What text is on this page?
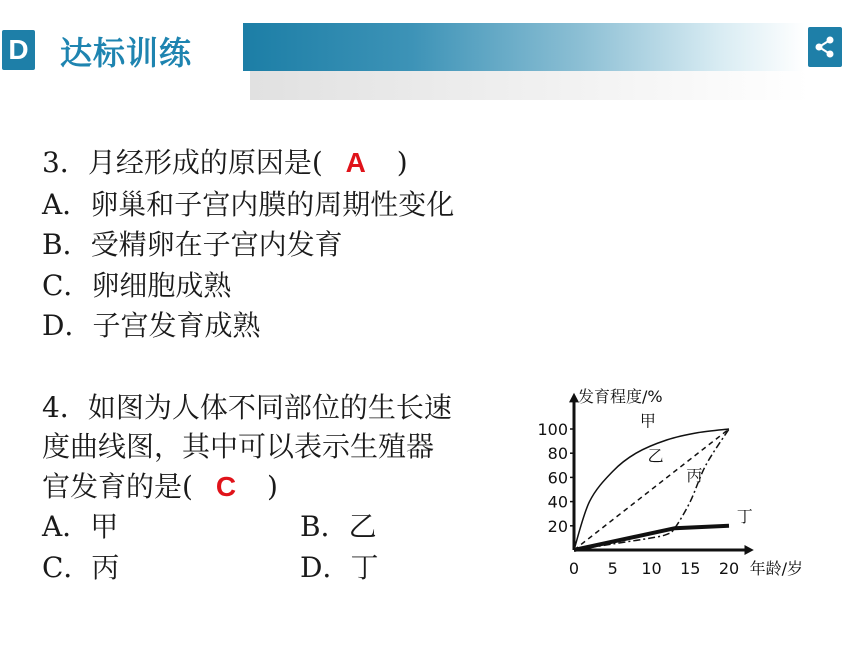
D 达标训练
3．月经形成的原因是( A )
A．卵巢和子宫内膜的周期性变化
B．受精卵在子宫内发育
C．卵细胞成熟
D．子宫发育成熟
4．如图为人体不同部位的生长速
度曲线图，其中可以表示生殖器
官发育的是( C )
A．甲	B．乙
C．丙	D．丁
发育程度/%
年龄/岁
20
40
60
80
100
0 5 10 15 20
甲
乙
丙
丁
